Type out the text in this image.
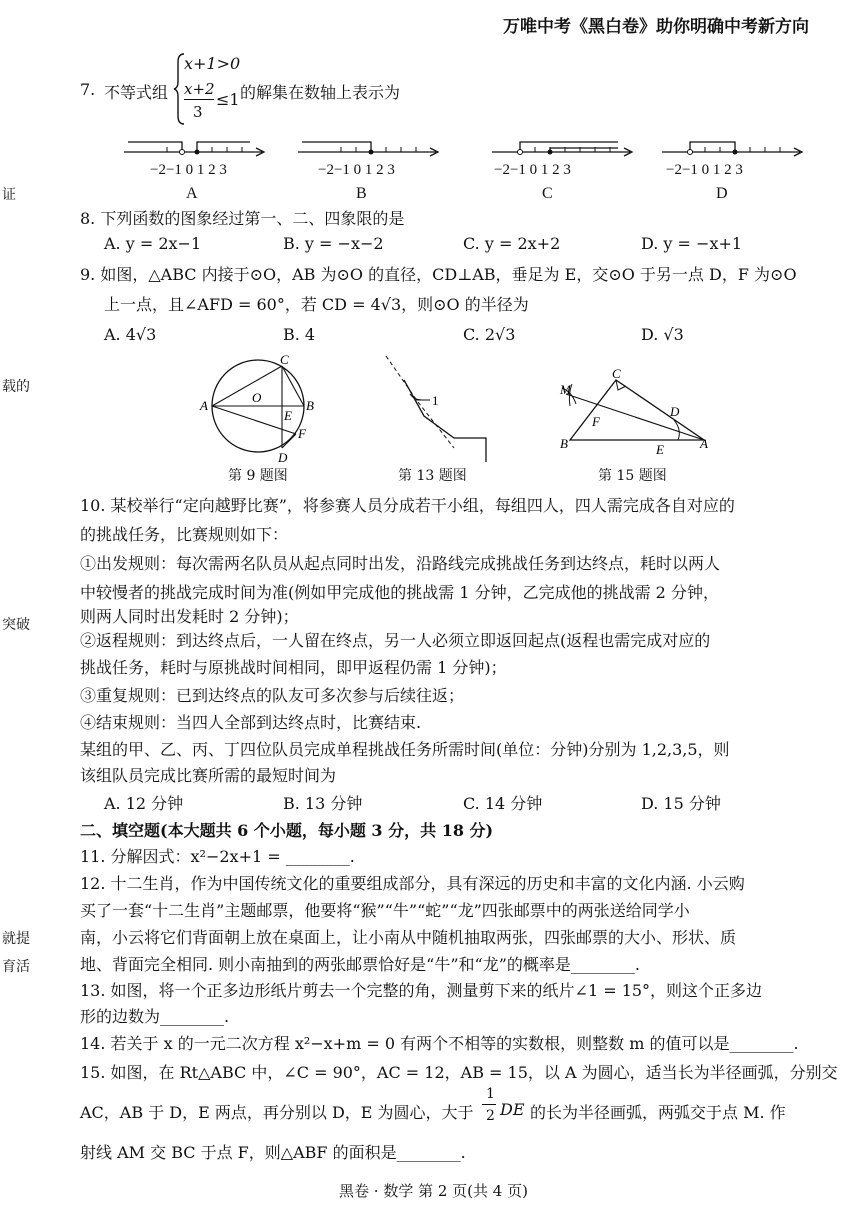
万唯中考《黑白卷》助你明确中考新方向
证
载的
突破
就提
育活
7. 不等式组
x+1>0
x+2
3
≤1 的解集在数轴上表示为
−2−1 0 1 2 3
A
−2−1 0 1 2 3
B
−2−1 0 1 2 3
C
−2−1 0 1 2 3
D
8. 下列函数的图象经过第一、二、四象限的是
A. y = 2x−1	B. y = −x−2	C. y = 2x+2	D. y = −x+1
9. 如图，△ABC 内接于⊙O，AB 为⊙O 的直径，CD⊥AB，垂足为 E，交⊙O 于另一点 D，F 为⊙O
上一点，且∠AFD = 60°，若 CD = 4√3，则⊙O 的半径为
A. 4√3	B. 4	C. 2√3	D. √3
C
A
O
B
E
F
D
第 9 题图
1
第 13 题图
M
C
F
D
B	E	A
第 15 题图
10. 某校举行“定向越野比赛”，将参赛人员分成若干小组，每组四人，四人需完成各自对应的
的挑战任务，比赛规则如下：
①出发规则：每次需两名队员从起点同时出发，沿路线完成挑战任务到达终点，耗时以两人
中较慢者的挑战完成时间为准(例如甲完成他的挑战需 1 分钟，乙完成他的挑战需 2 分钟，
则两人同时出发耗时 2 分钟)；
②返程规则：到达终点后，一人留在终点，另一人必须立即返回起点(返程也需完成对应的
挑战任务，耗时与原挑战时间相同，即甲返程仍需 1 分钟)；
③重复规则：已到达终点的队友可多次参与后续往返；
④结束规则：当四人全部到达终点时，比赛结束.
某组的甲、乙、丙、丁四位队员完成单程挑战任务所需时间(单位：分钟)分别为 1,2,3,5，则
该组队员完成比赛所需的最短时间为
A. 12 分钟	B. 13 分钟	C. 14 分钟	D. 15 分钟
二、填空题(本大题共 6 个小题，每小题 3 分，共 18 分)
11. 分解因式：x²−2x+1 = ________.
12. 十二生肖，作为中国传统文化的重要组成部分，具有深远的历史和丰富的文化内涵. 小云购
买了一套“十二生肖”主题邮票，他要将“猴”“牛”“蛇”“龙”四张邮票中的两张送给同学小
南，小云将它们背面朝上放在桌面上，让小南从中随机抽取两张，四张邮票的大小、形状、质
地、背面完全相同. 则小南抽到的两张邮票恰好是“牛”和“龙”的概率是________.
13. 如图，将一个正多边形纸片剪去一个完整的角，测量剪下来的纸片∠1 = 15°，则这个正多边
形的边数为________.
14. 若关于 x 的一元二次方程 x²−x+m = 0 有两个不相等的实数根，则整数 m 的值可以是________.
15. 如图，在 Rt△ABC 中，∠C = 90°，AC = 12，AB = 15，以 A 为圆心，适当长为半径画弧，分别交
AC，AB 于 D，E 两点，再分别以 D，E 为圆心，大于
1
2 DE 的长为半径画弧，两弧交于点 M. 作
射线 AM 交 BC 于点 F，则△ABF 的面积是________.
黑卷 · 数学 第 2 页(共 4 页)
